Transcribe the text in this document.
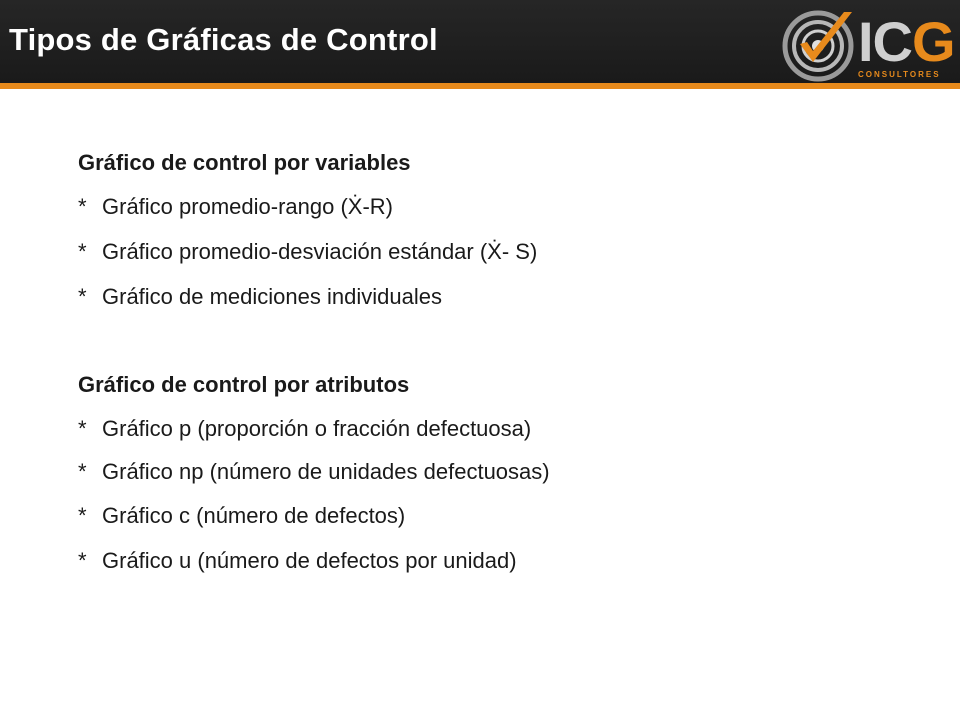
Tipos de Gráficas de Control	ICG
CONSULTORES
Gráfico de control por variables
* Gráfico promedio-rango (Ẋ-R)
* Gráfico promedio-desviación estándar (Ẋ- S)
* Gráfico de mediciones individuales
Gráfico de control por atributos
* Gráfico p (proporción o fracción defectuosa)
* Gráfico np (número de unidades defectuosas)
* Gráfico c (número de defectos)
* Gráfico u (número de defectos por unidad)
